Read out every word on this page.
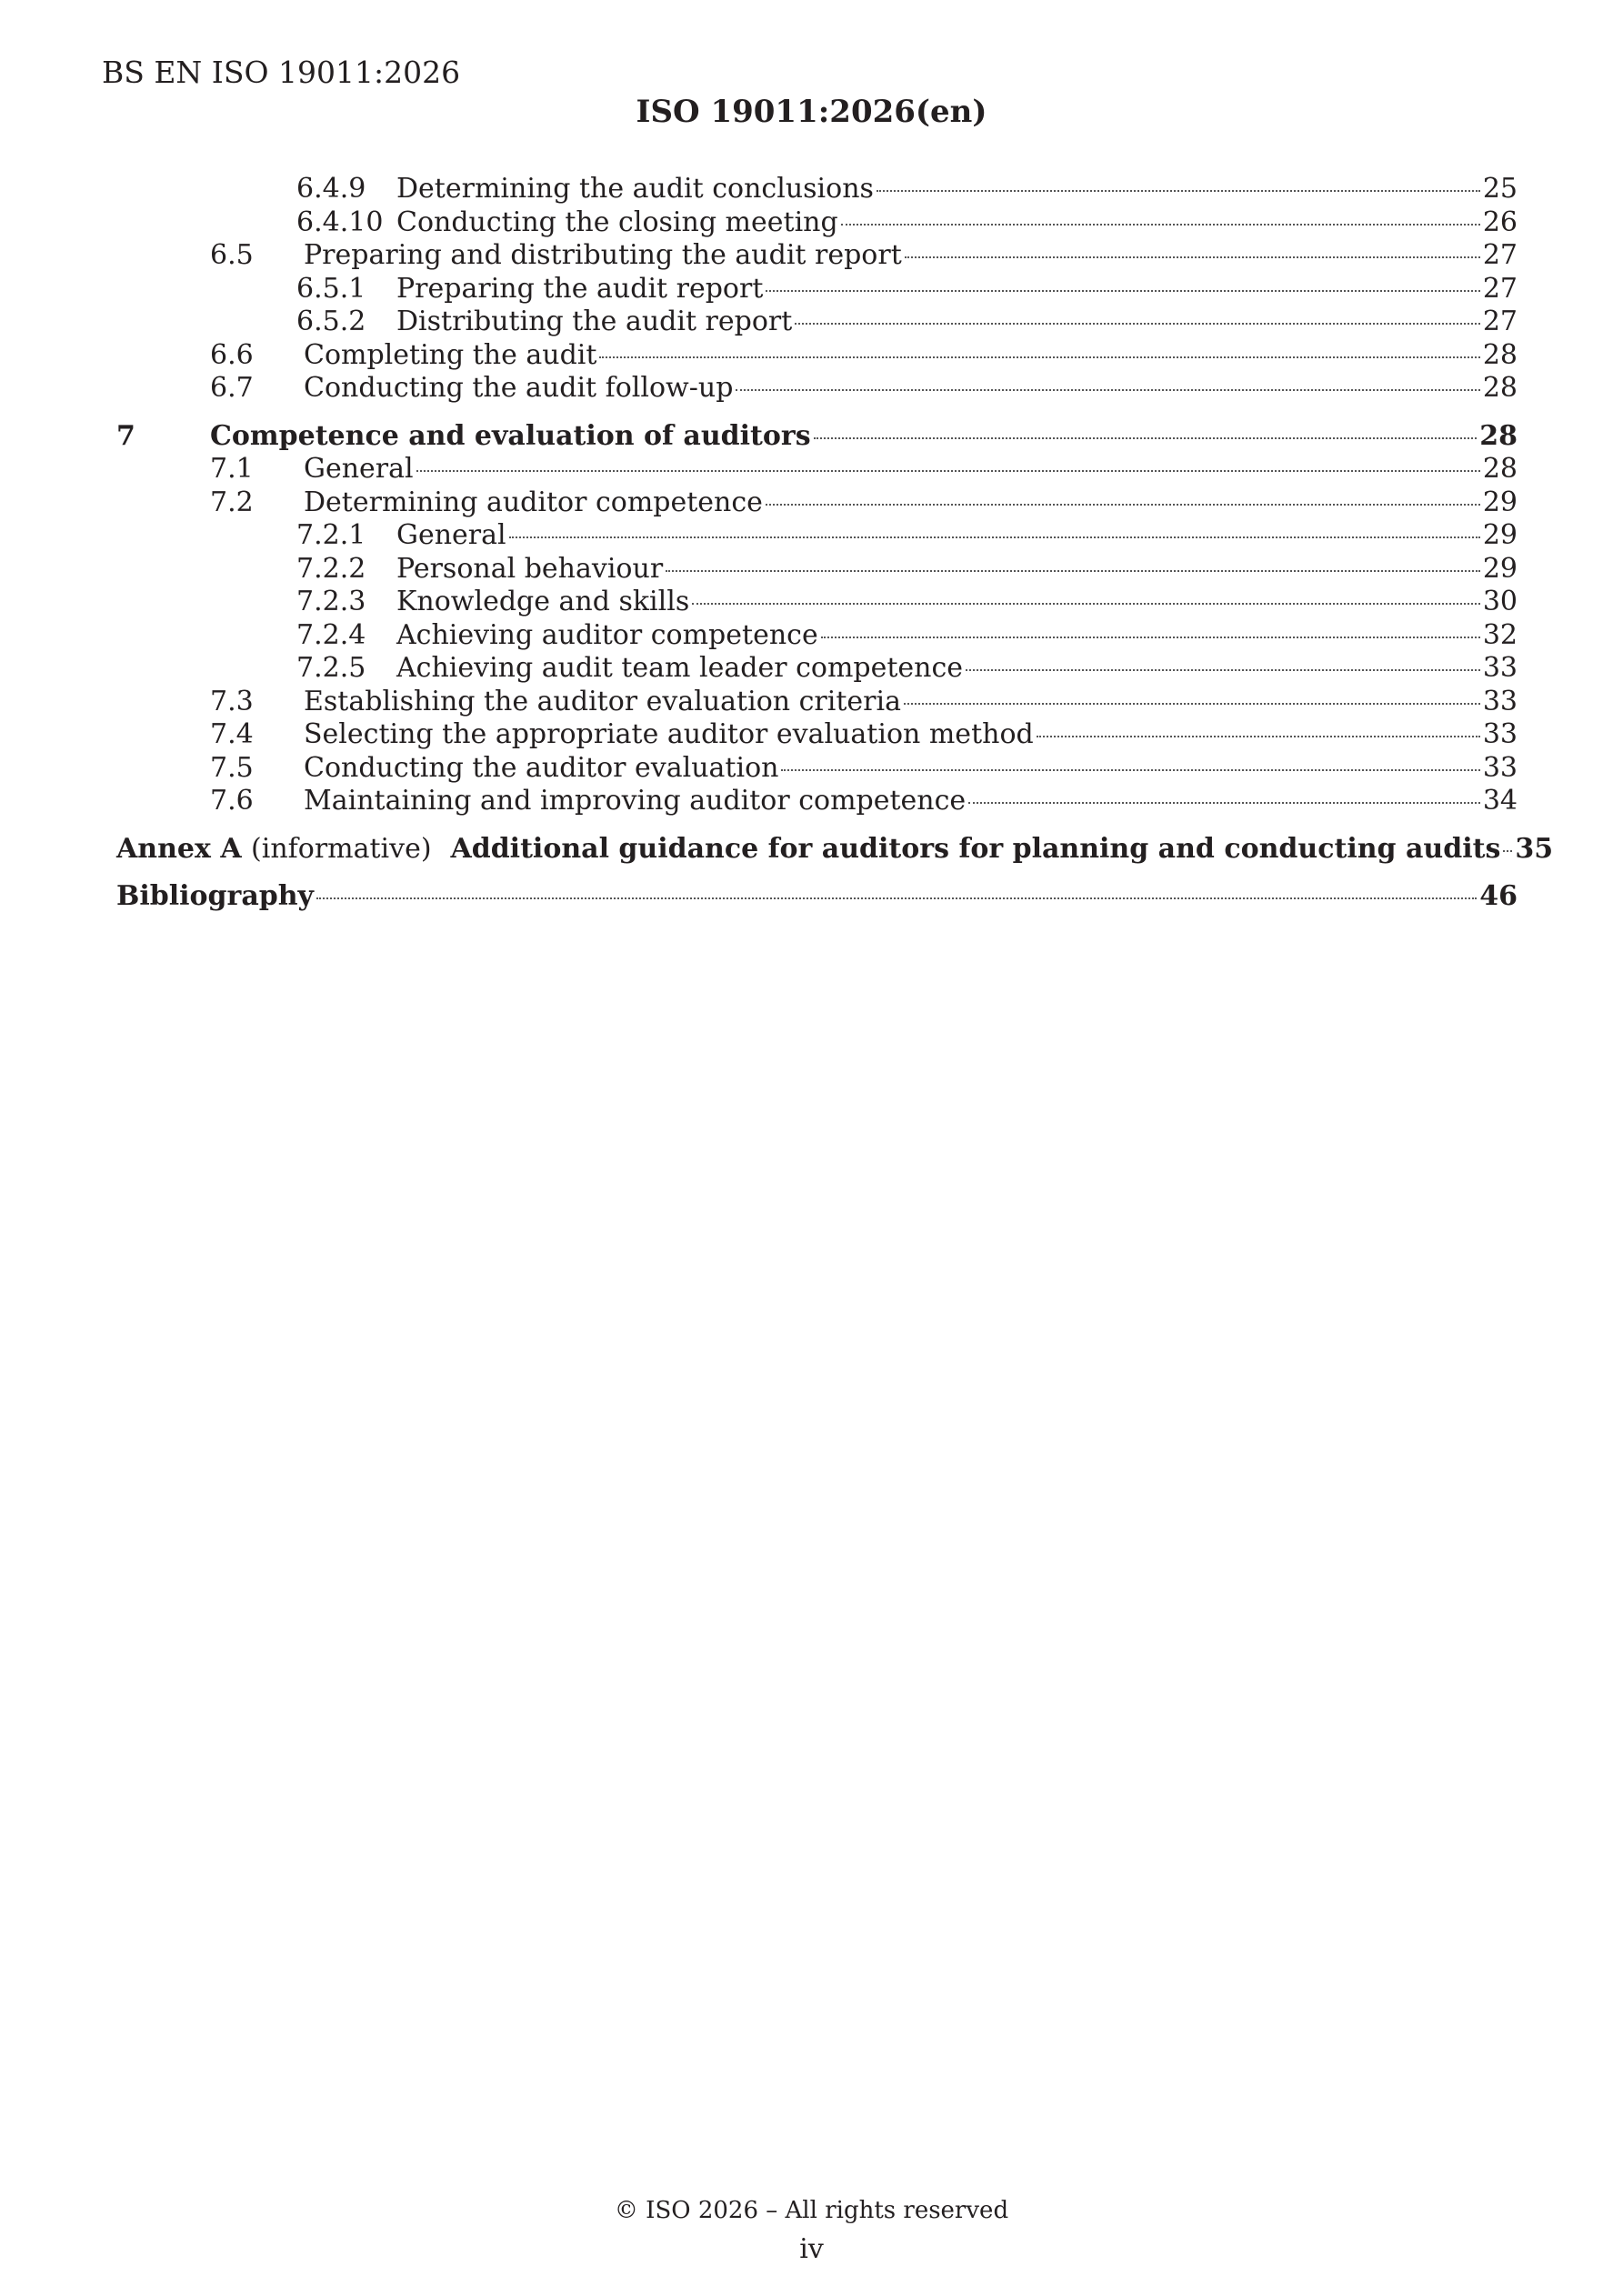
BS EN ISO 19011:2026
ISO 19011:2026(en)
6.4.9 Determining the audit conclusions	25
6.4.10 Conducting the closing meeting	26
6.5 Preparing and distributing the audit report	27
6.5.1 Preparing the audit report	27
6.5.2 Distributing the audit report	27
6.6 Completing the audit	28
6.7 Conducting the audit follow-up	28
7	Competence and evaluation of auditors	28
7.1 General	28
7.2 Determining auditor competence	29
7.2.1 General	29
7.2.2 Personal behaviour	29
7.2.3 Knowledge and skills	30
7.2.4 Achieving auditor competence	32
7.2.5 Achieving audit team leader competence	33
7.3 Establishing the auditor evaluation criteria	33
7.4 Selecting the appropriate auditor evaluation method	33
7.5 Conducting the auditor evaluation	33
7.6 Maintaining and improving auditor competence	34
Annex A (informative) Additional guidance for auditors for planning and conducting audits 35
Bibliography	46
© ISO 2026 – All rights reserved
iv
